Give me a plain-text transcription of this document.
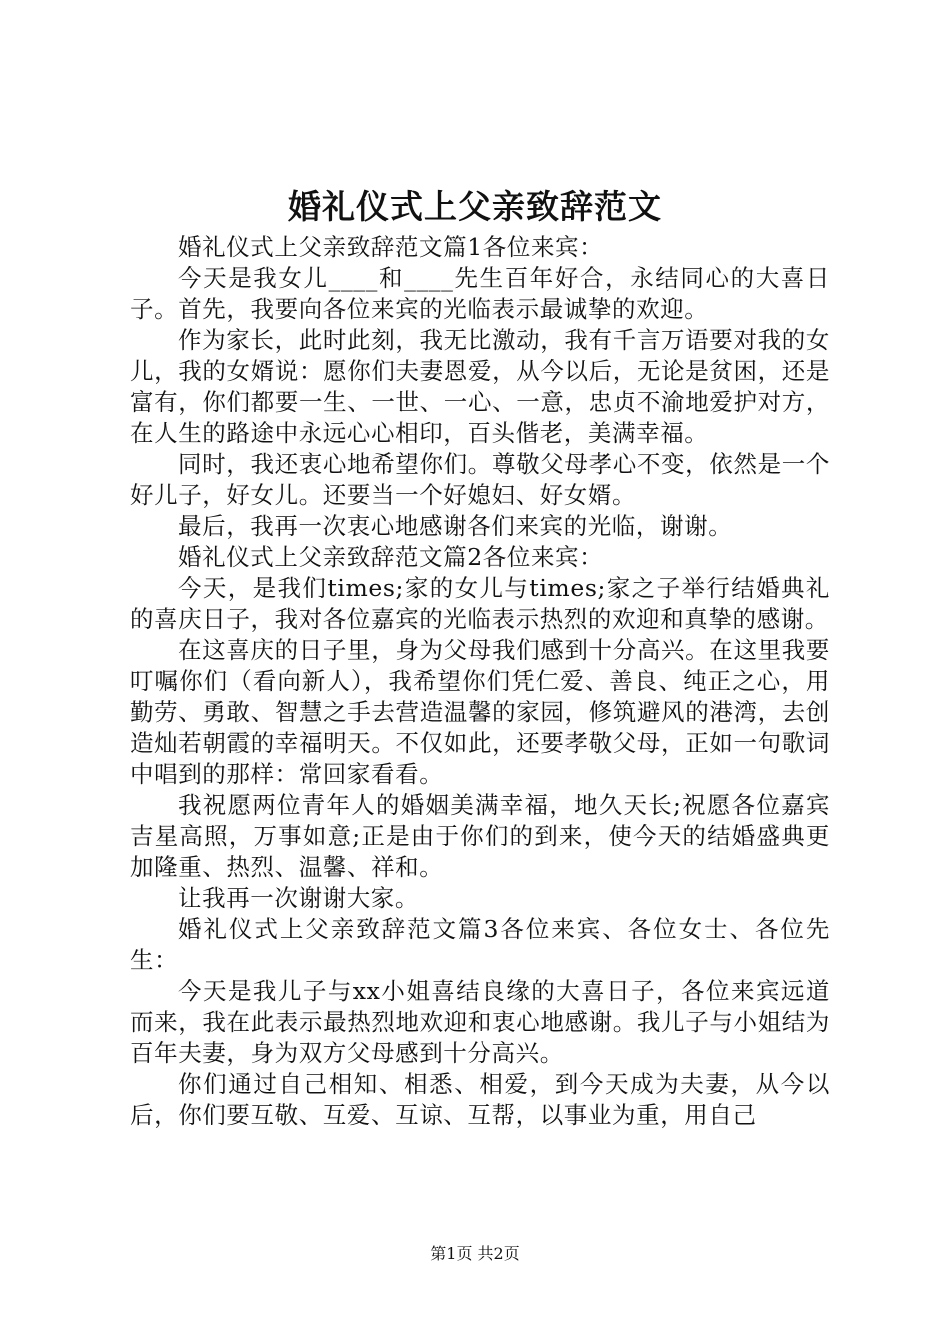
婚礼仪式上父亲致辞范文

婚礼仪式上父亲致辞范文篇1各位来宾：

今天是我女儿____和____先生百年好合，永结同心的大喜日子。首先，我要向各位来宾的光临表示最诚挚的欢迎。

作为家长，此时此刻，我无比激动，我有千言万语要对我的女儿，我的女婿说：愿你们夫妻恩爱，从今以后，无论是贫困，还是富有，你们都要一生、一世、一心、一意，忠贞不渝地爱护对方，在人生的路途中永远心心相印，百头偕老，美满幸福。

同时，我还衷心地希望你们。尊敬父母孝心不变，依然是一个好儿子，好女儿。还要当一个好媳妇、好女婿。

最后，我再一次衷心地感谢各们来宾的光临，谢谢。

婚礼仪式上父亲致辞范文篇2各位来宾：

今天，是我们times;家的女儿与times;家之子举行结婚典礼的喜庆日子，我对各位嘉宾的光临表示热烈的欢迎和真挚的感谢。

在这喜庆的日子里，身为父母我们感到十分高兴。在这里我要叮嘱你们（看向新人），我希望你们凭仁爱、善良、纯正之心，用勤劳、勇敢、智慧之手去营造温馨的家园，修筑避风的港湾，去创造灿若朝霞的幸福明天。不仅如此，还要孝敬父母，正如一句歌词中唱到的那样：常回家看看。

我祝愿两位青年人的婚姻美满幸福，地久天长;祝愿各位嘉宾吉星高照，万事如意;正是由于你们的到来，使今天的结婚盛典更加隆重、热烈、温馨、祥和。

让我再一次谢谢大家。

婚礼仪式上父亲致辞范文篇3各位来宾、各位女士、各位先生：

今天是我儿子与xx小姐喜结良缘的大喜日子，各位来宾远道而来，我在此表示最热烈地欢迎和衷心地感谢。我儿子与小姐结为百年夫妻，身为双方父母感到十分高兴。

你们通过自己相知、相悉、相爱，到今天成为夫妻，从今以后，你们要互敬、互爱、互谅、互帮，以事业为重，用自己

第1页 共2页
